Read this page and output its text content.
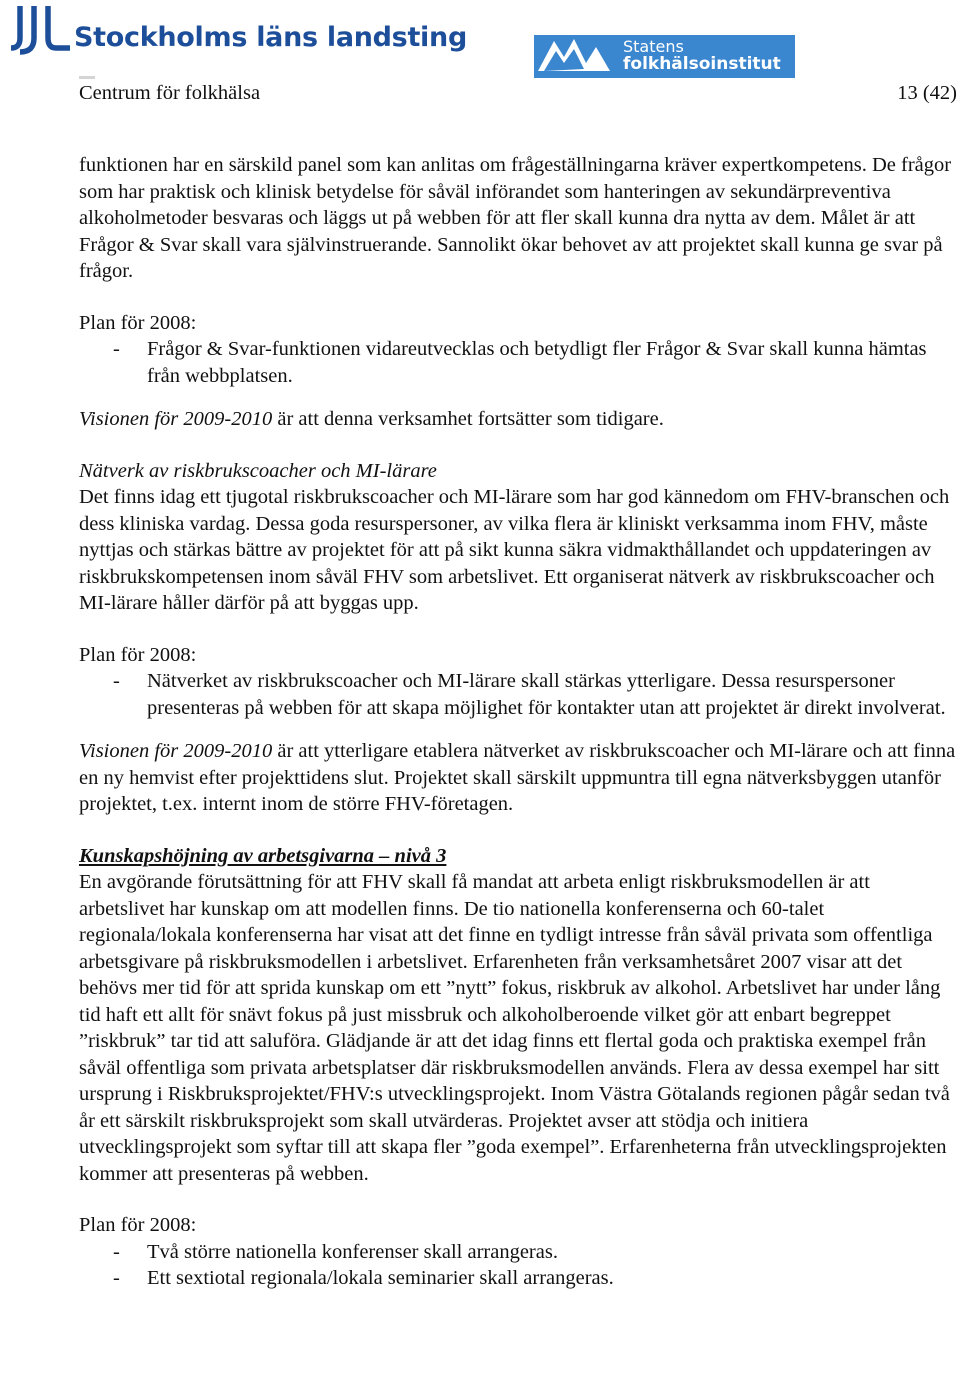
Stockholms läns landsting	Statens
folkhälsoinstitut
Centrum för folkhälsa	13 (42)

funktionen har en särskild panel som kan anlitas om frågeställningarna kräver expertkompetens. De frågor som har praktisk och klinisk betydelse för såväl införandet som hanteringen av sekundärpreventiva alkoholmetoder besvaras och läggs ut på webben för att fler skall kunna dra nytta av dem. Målet är att Frågor & Svar skall vara självinstruerande. Sannolikt ökar behovet av att projektet skall kunna ge svar på frågor.

Plan för 2008:

-	Frågor & Svar-funktionen vidareutvecklas och betydligt fler Frågor & Svar skall kunna hämtas från webbplatsen.

Visionen för 2009-2010 är att denna verksamhet fortsätter som tidigare.

Nätverk av riskbrukscoacher och MI-lärare

Det finns idag ett tjugotal riskbrukscoacher och MI-lärare som har god kännedom om FHV-branschen och dess kliniska vardag. Dessa goda resurspersoner, av vilka flera är kliniskt verksamma inom FHV, måste nyttjas och stärkas bättre av projektet för att på sikt kunna säkra vidmakthållandet och uppdateringen av riskbrukskompetensen inom såväl FHV som arbetslivet. Ett organiserat nätverk av riskbrukscoacher och MI-lärare håller därför på att byggas upp.

Plan för 2008:

-	Nätverket av riskbrukscoacher och MI-lärare skall stärkas ytterligare. Dessa resurspersoner presenteras på webben för att skapa möjlighet för kontakter utan att projektet är direkt involverat.

Visionen för 2009-2010 är att ytterligare etablera nätverket av riskbrukscoacher och MI-lärare och att finna en ny hemvist efter projekttidens slut. Projektet skall särskilt uppmuntra till egna nätverksbyggen utanför projektet, t.ex. internt inom de större FHV-företagen.

Kunskapshöjning av arbetsgivarna – nivå 3

En avgörande förutsättning för att FHV skall få mandat att arbeta enligt riskbruksmodellen är att arbetslivet har kunskap om att modellen finns. De tio nationella konferenserna och 60-talet regionala/lokala konferenserna har visat att det finne en tydligt intresse från såväl privata som offentliga arbetsgivare på riskbruksmodellen i arbetslivet. Erfarenheten från verksamhetsåret 2007 visar att det behövs mer tid för att sprida kunskap om ett ”nytt” fokus, riskbruk av alkohol. Arbetslivet har under lång tid haft ett allt för snävt fokus på just missbruk och alkoholberoende vilket gör att enbart begreppet ”riskbruk” tar tid att saluföra. Glädjande är att det idag finns ett flertal goda och praktiska exempel från såväl offentliga som privata arbetsplatser där riskbruksmodellen används. Flera av dessa exempel har sitt ursprung i Riskbruksprojektet/FHV:s utvecklingsprojekt. Inom Västra Götalands regionen pågår sedan två år ett särskilt riskbruksprojekt som skall utvärderas. Projektet avser att stödja och initiera utvecklingsprojekt som syftar till att skapa fler ”goda exempel”. Erfarenheterna från utvecklingsprojekten kommer att presenteras på webben.

Plan för 2008:

-	Två större nationella konferenser skall arrangeras.
-	Ett sextiotal regionala/lokala seminarier skall arrangeras.
